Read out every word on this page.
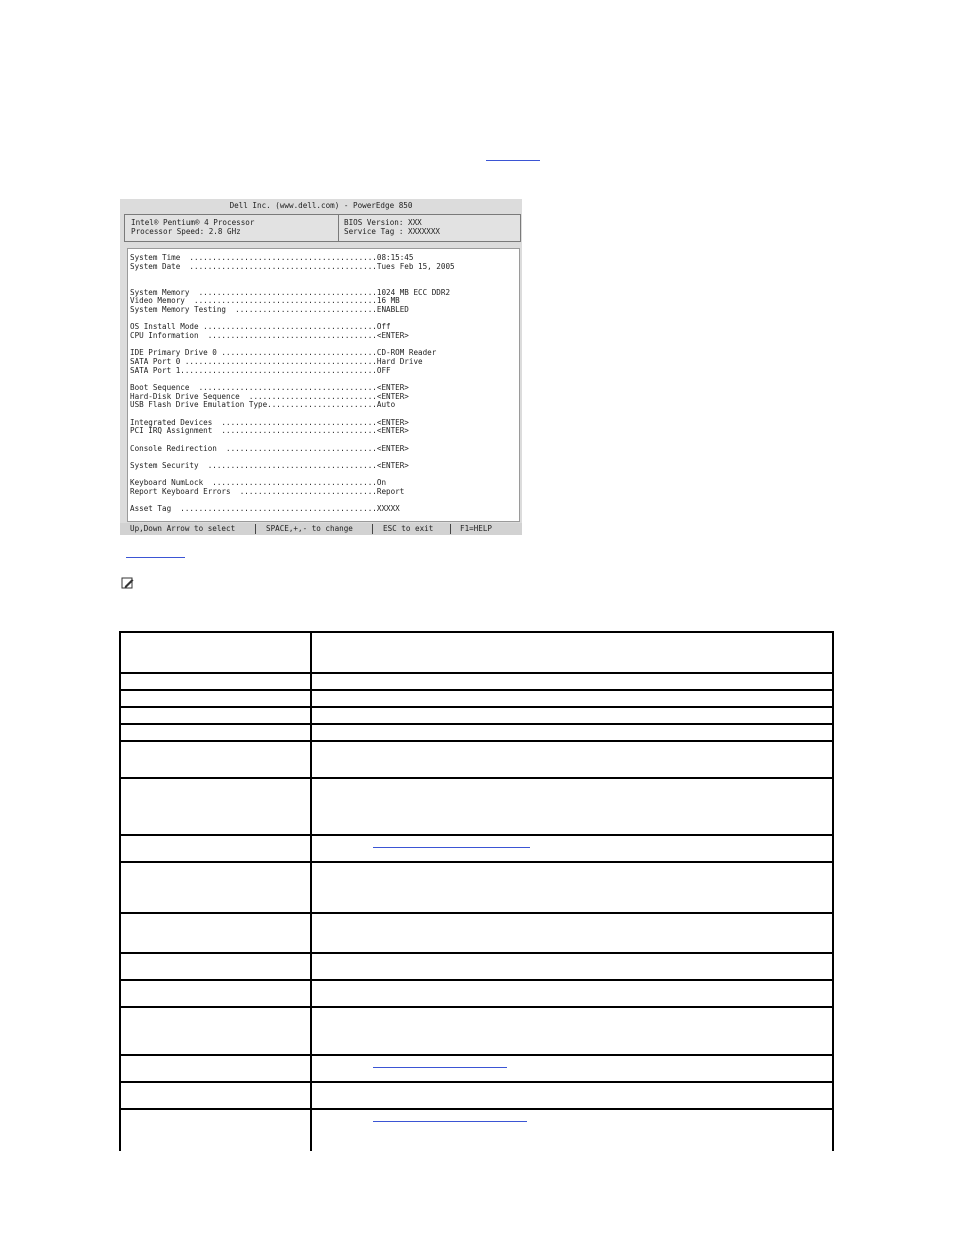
Dell Inc. (www.dell.com) - PowerEdge 850
Intel® Pentium® 4 Processor
Processor Speed: 2.8 GHz
BIOS Version: XXX
Service Tag : XXXXXXX
System Time  .........................................08:15:45
System Date  .........................................Tues Feb 15, 2005
System Memory  .......................................1024 MB ECC DDR2
Video Memory  ........................................16 MB
System Memory Testing  ...............................ENABLED
OS Install Mode ......................................Off
CPU Information  .....................................<ENTER>
IDE Primary Drive 0 ..................................CD-ROM Reader
SATA Port 0 ..........................................Hard Drive
SATA Port 1...........................................OFF
Boot Sequence  .......................................<ENTER>
Hard-Disk Drive Sequence  ............................<ENTER>
USB Flash Drive Emulation Type........................Auto
Integrated Devices  ..................................<ENTER>
PCI IRQ Assignment  ..................................<ENTER>
Console Redirection  .................................<ENTER>
System Security  .....................................<ENTER>
Keyboard NumLock  ....................................On
Report Keyboard Errors  ..............................Report
Asset Tag  ...........................................XXXXX
Up,Down Arrow to select	SPACE,+,- to change	ESC to exit	F1=HELP
